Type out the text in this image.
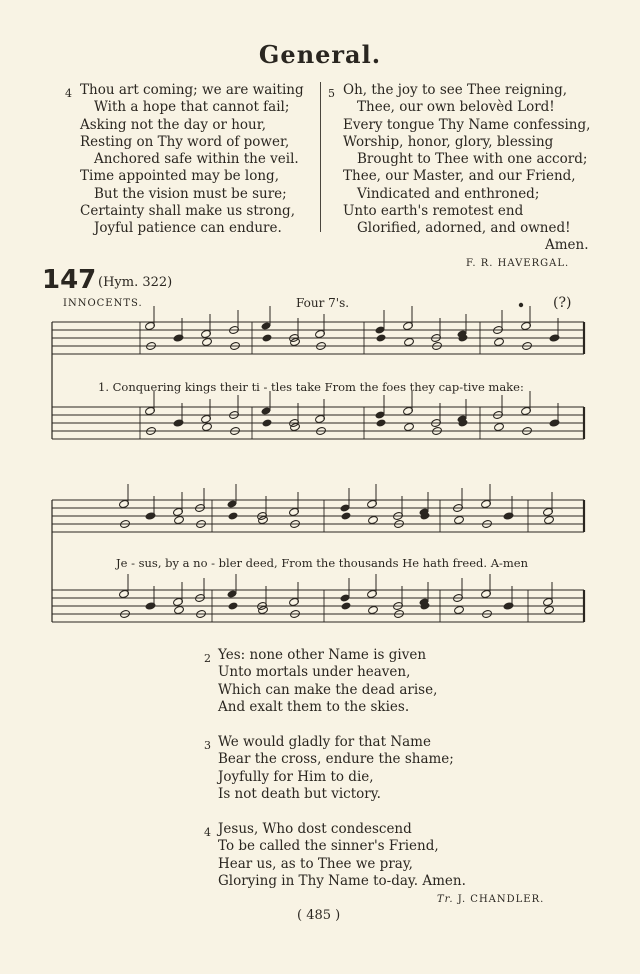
General.
4 Thou art coming; we are waiting
With a hope that cannot fail;
Asking not the day or hour,
Resting on Thy word of power,
Anchored safe within the veil.
Time appointed may be long,
But the vision must be sure;
Certainty shall make us strong,
Joyful patience can endure.
5 Oh, the joy to see Thee reigning,
Thee, our own belovèd Lord!
Every tongue Thy Name confessing,
Worship, honor, glory, blessing
Brought to Thee with one accord;
Thee, our Master, and our Friend,
Vindicated and enthroned;
Unto earth's remotest end
Glorified, adorned, and owned!
Amen.
F. R. HAVERGAL.
147 (Hym. 322)
INNOCENTS.	Four 7's.	(?)
1. Conquering kings their ti - tles take From the foes they cap-tive make:
Je - sus, by a no - bler deed, From the thousands He hath freed. A-men
2 Yes: none other Name is given
Unto mortals under heaven,
Which can make the dead arise,
And exalt them to the skies.
3 We would gladly for that Name
Bear the cross, endure the shame;
Joyfully for Him to die,
Is not death but victory.
4 Jesus, Who dost condescend
To be called the sinner's Friend,
Hear us, as to Thee we pray,
Glorying in Thy Name to-day. Amen.
Tr. J. CHANDLER.
( 485 )
